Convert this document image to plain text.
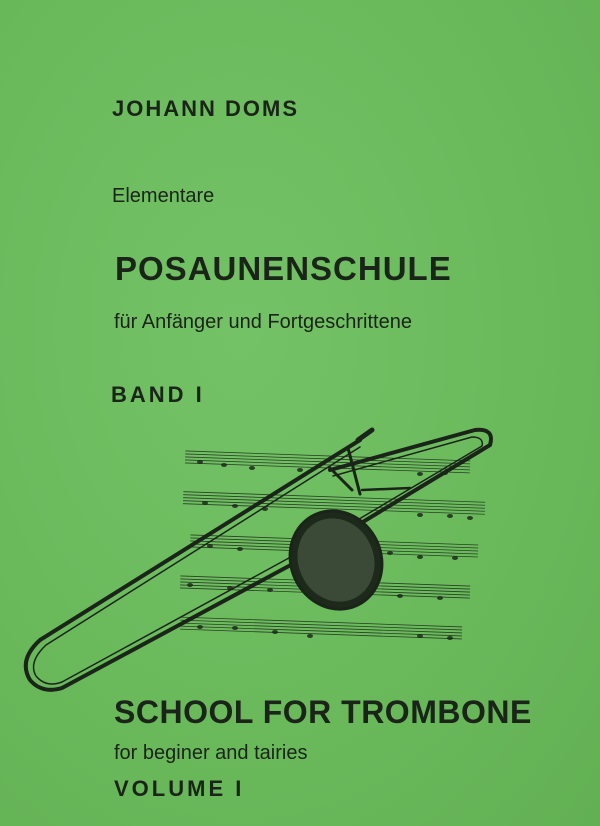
JOHANN DOMS
Elementare
POSAUNENSCHULE
für Anfänger und Fortgeschrittene
BAND I
SCHOOL FOR TROMBONE
for beginer and tairies
VOLUME I
